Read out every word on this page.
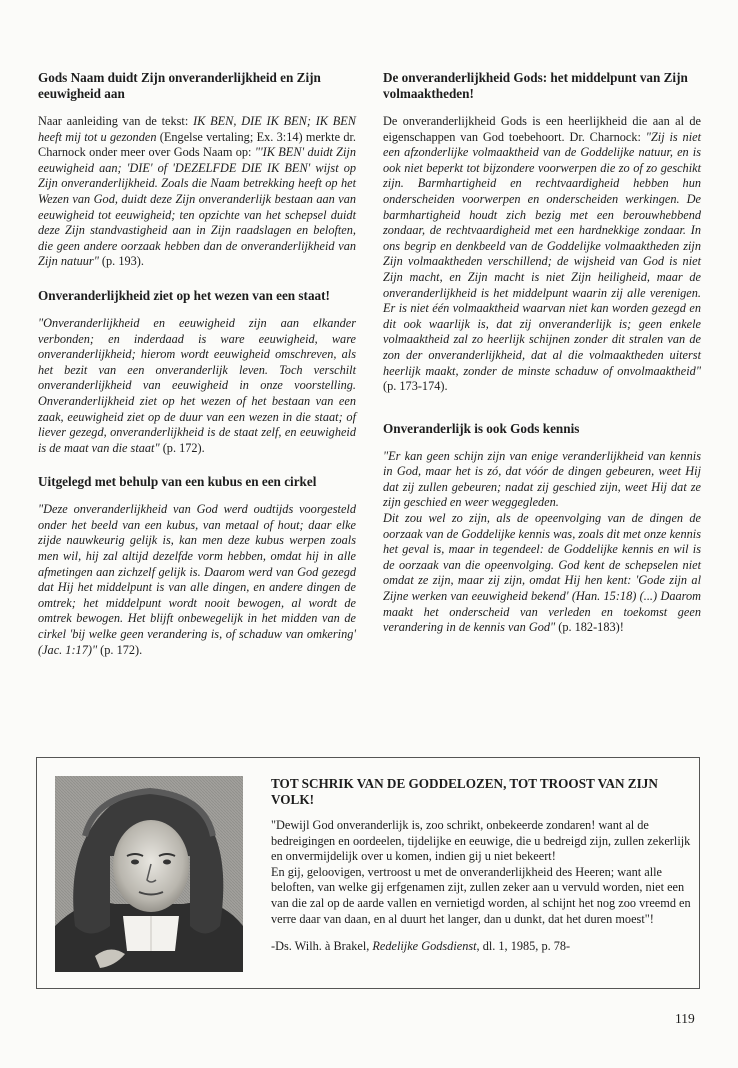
Gods Naam duidt Zijn onveranderlijkheid en Zijn eeuwigheid aan

Naar aanleiding van de tekst: IK BEN, DIE IK BEN; IK BEN heeft mij tot u gezonden (Engelse vertaling; Ex. 3:14) merkte dr. Charnock onder meer over Gods Naam op: "'IK BEN' duidt Zijn eeuwigheid aan; 'DIE' of 'DEZELFDE DIE IK BEN' wijst op Zijn onveranderlijkheid. Zoals die Naam betrekking heeft op het Wezen van God, duidt deze Zijn onveranderlijk bestaan aan van eeuwigheid tot eeuwigheid; ten opzichte van het schepsel duidt deze Zijn standvastigheid aan in Zijn raadslagen en beloften, die geen andere oorzaak hebben dan de onveranderlijkheid van Zijn natuur" (p. 193).

Onveranderlijkheid ziet op het wezen van een staat!

"Onveranderlijkheid en eeuwigheid zijn aan elkander verbonden; en inderdaad is ware eeuwigheid, ware onveranderlijkheid; hierom wordt eeuwigheid omschreven, als het bezit van een onveranderlijk leven. Toch verschilt onveranderlijkheid van eeuwigheid in onze voorstelling. Onveranderlijkheid ziet op het wezen of het bestaan van een zaak, eeuwigheid ziet op de duur van een wezen in die staat; of liever gezegd, onveranderlijkheid is de staat zelf, en eeuwigheid is de maat van die staat" (p. 172).

Uitgelegd met behulp van een kubus en een cirkel

"Deze onveranderlijkheid van God werd oudtijds voorgesteld onder het beeld van een kubus, van metaal of hout; daar elke zijde nauwkeurig gelijk is, kan men deze kubus werpen zoals men wil, hij zal altijd dezelfde vorm hebben, omdat hij in alle afmetingen aan zichzelf gelijk is. Daarom werd van God gezegd dat Hij het middelpunt is van alle dingen, en andere dingen de omtrek; het middelpunt wordt nooit bewogen, al wordt de omtrek bewogen. Het blijft onbewegelijk in het midden van de cirkel 'bij welke geen verandering is, of schaduw van omkering' (Jac. 1:17)" (p. 172).

De onveranderlijkheid Gods: het middelpunt van Zijn volmaaktheden!

De onveranderlijkheid Gods is een heerlijkheid die aan al de eigenschappen van God toebehoort. Dr. Charnock: "Zij is niet een afzonderlijke volmaaktheid van de Goddelijke natuur, en is ook niet beperkt tot bijzondere voorwerpen die zo of zo geschikt zijn. Barmhartigheid en rechtvaardigheid hebben hun onderscheiden voorwerpen en onderscheiden werkingen. De barmhartigheid houdt zich bezig met een berouwhebbend zondaar, de rechtvaardigheid met een hardnekkige zondaar. In ons begrip en denkbeeld van de Goddelijke volmaaktheden zijn Zijn volmaaktheden verschillend; de wijsheid van God is niet Zijn macht, en Zijn macht is niet Zijn heiligheid, maar de onveranderlijkheid is het middelpunt waarin zij alle verenigen. Er is niet één volmaaktheid waarvan niet kan worden gezegd en dit ook waarlijk is, dat zij onveranderlijk is; geen enkele volmaaktheid zal zo heerlijk schijnen zonder dit stralen van de zon der onveranderlijkheid, dat al die volmaaktheden uiterst heerlijk maakt, zonder de minste schaduw of onvolmaaktheid" (p. 173-174).

Onveranderlijk is ook Gods kennis

"Er kan geen schijn zijn van enige veranderlijkheid van kennis in God, maar het is zó, dat vóór de dingen gebeuren, weet Hij dat zij zullen gebeuren; nadat zij geschied zijn, weet Hij dat ze zijn geschied en weer weggegleden.
Dit zou wel zo zijn, als de opeenvolging van de dingen de oorzaak van de Goddelijke kennis was, zoals dit met onze kennis het geval is, maar in tegendeel: de Goddelijke kennis en wil is de oorzaak van die opeenvolging. God kent de schepselen niet omdat ze zijn, maar zij zijn, omdat Hij hen kent: 'Gode zijn al Zijne werken van eeuwigheid bekend' (Han. 15:18) (...) Daarom maakt het onderscheid van verleden en toekomst geen verandering in de kennis van God" (p. 182-183)!

TOT SCHRIK VAN DE GODDELOZEN, TOT TROOST VAN ZIJN VOLK!

"Dewijl God onveranderlijk is, zoo schrikt, onbekeerde zondaren! want al de bedreigingen en oordeelen, tijdelijke en eeuwige, die u bedreigd zijn, zullen zekerlijk en onvermijdelijk over u komen, indien gij u niet bekeert!

En gij, geloovigen, vertroost u met de onveranderlijkheid des Heeren; want alle beloften, van welke gij erfgenamen zijt, zullen zeker aan u vervuld worden, niet een van die zal op de aarde vallen en vernietigd worden, al schijnt het nog zoo vreemd en verre daar van daan, en al duurt het langer, dan u dunkt, dat het duren moest"!

-Ds. Wilh. à Brakel, Redelijke Godsdienst, dl. 1, 1985, p. 78-

119
